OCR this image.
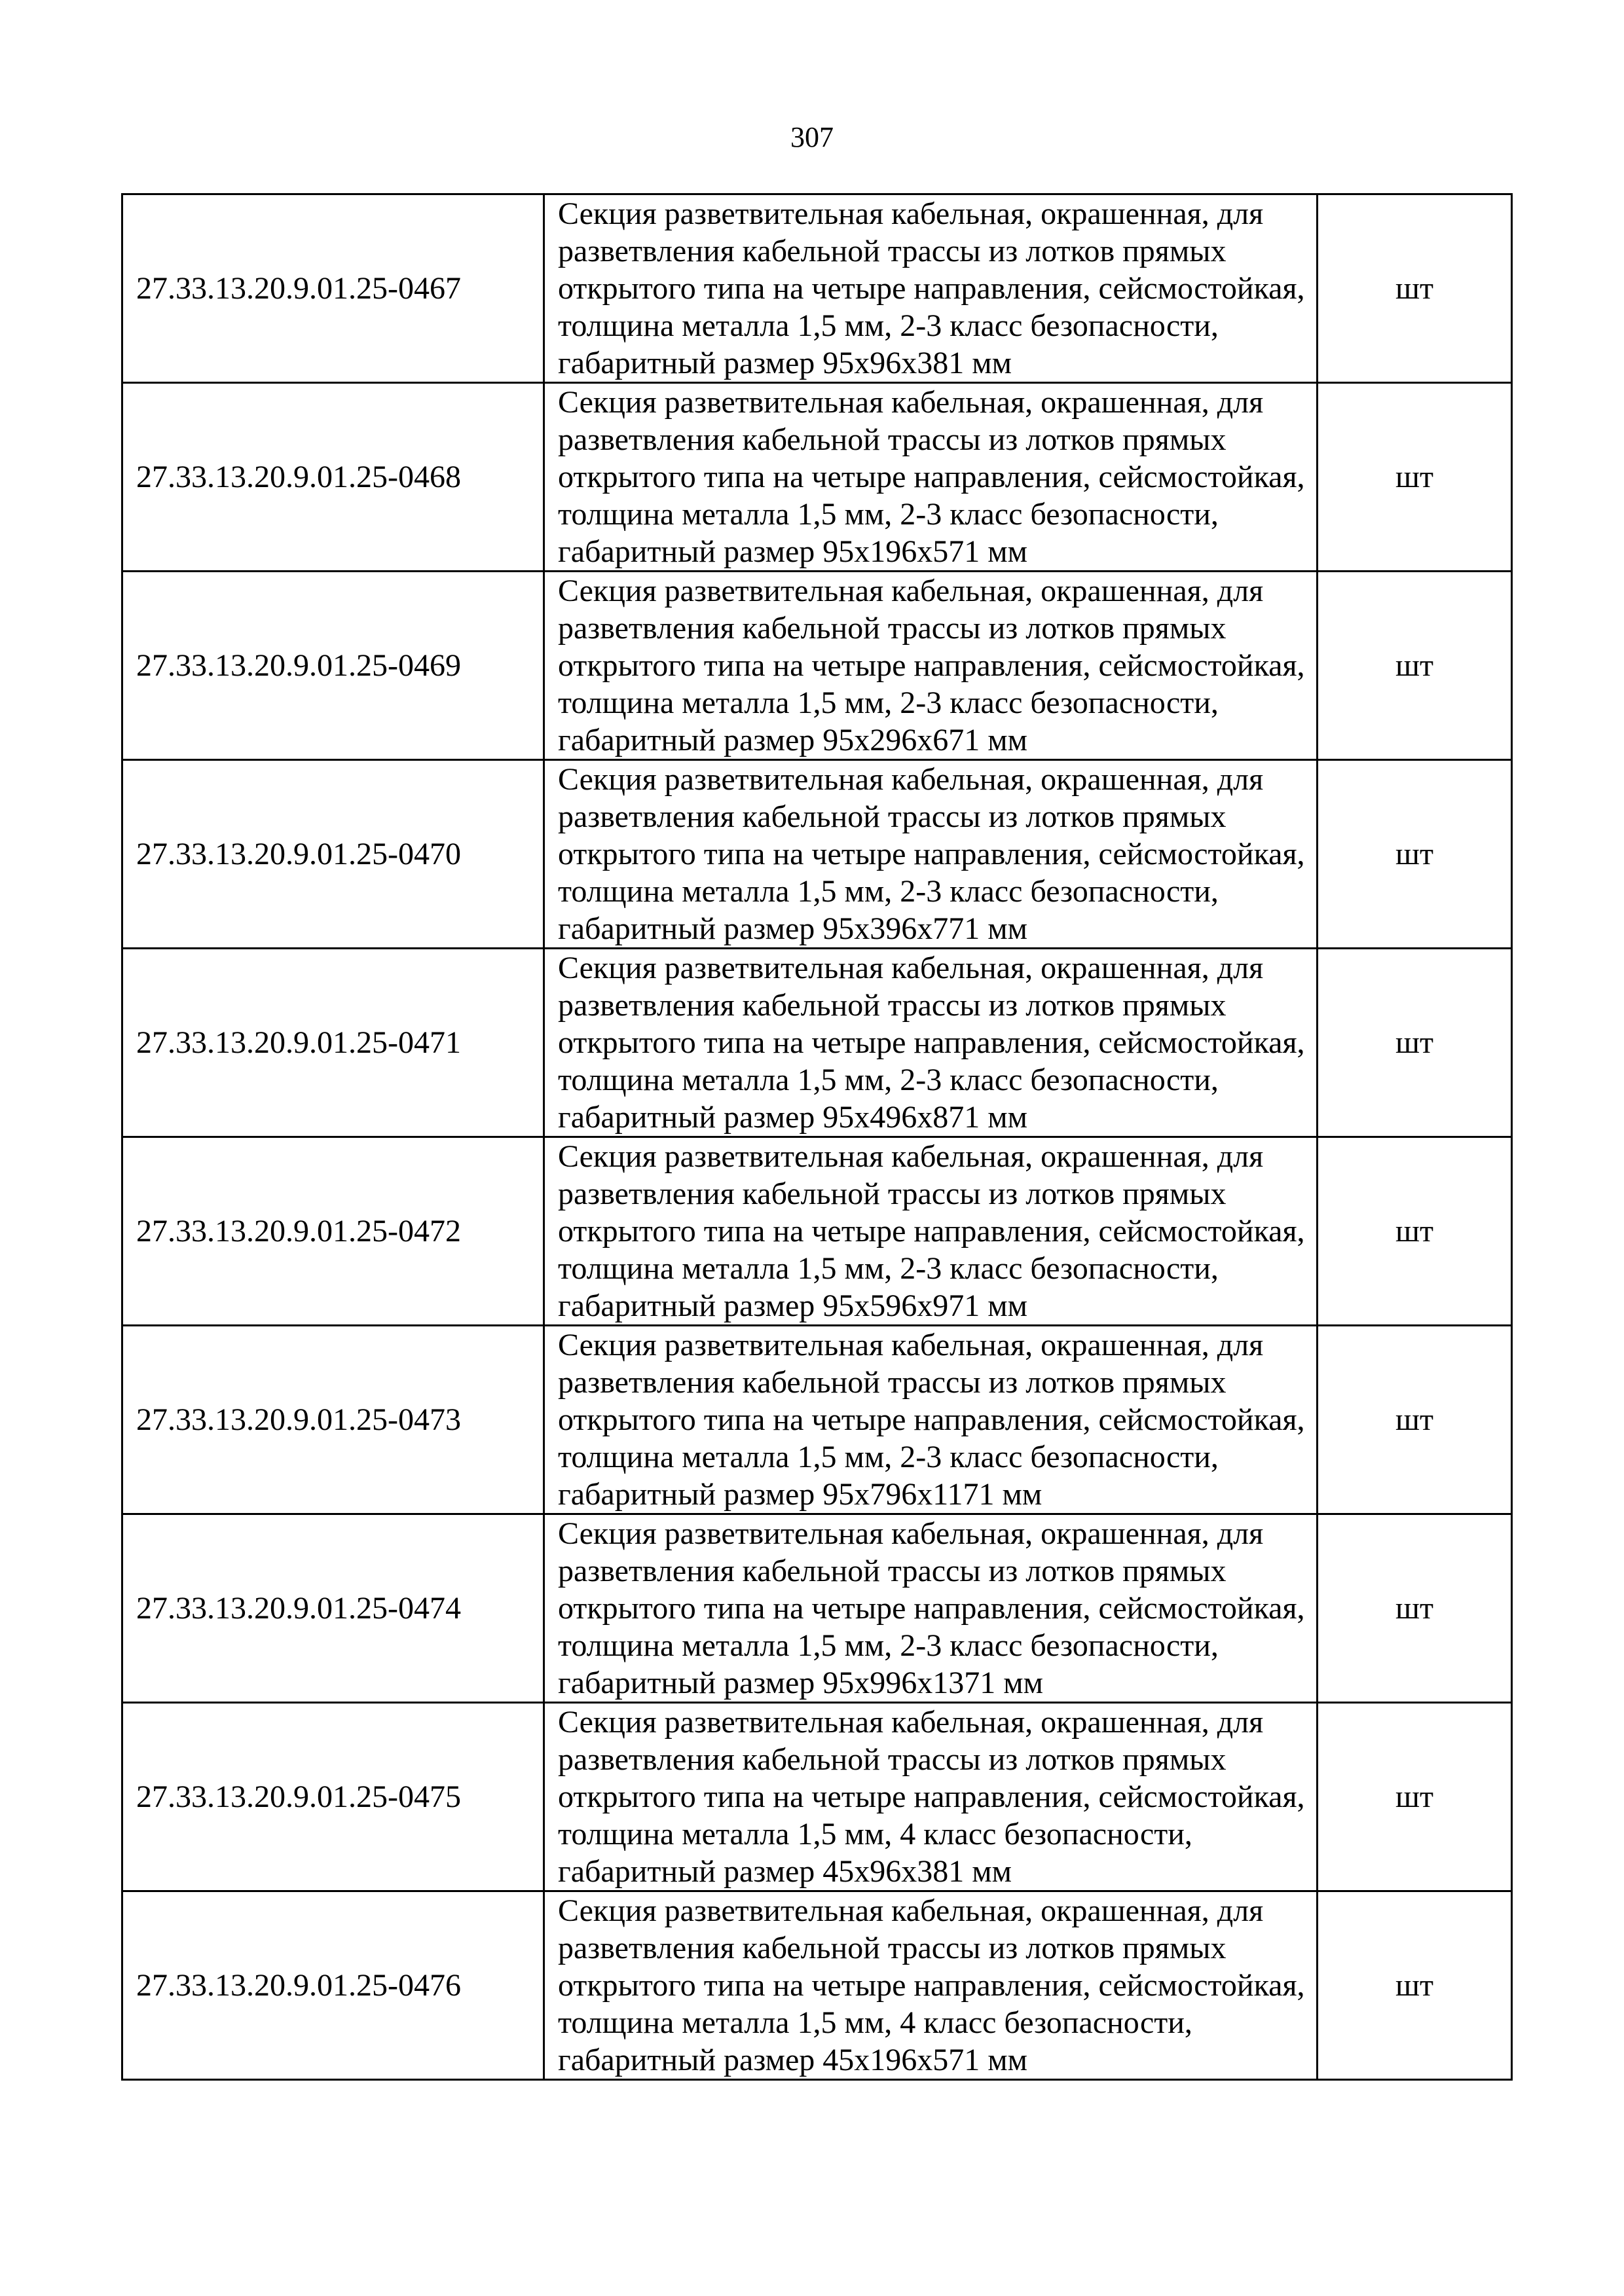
307
27.33.13.20.9.01.25-0467	Секция разветвительная кабельная, окрашенная, для разветвления кабельной трассы из лотков прямых открытого типа на четыре направления, сейсмостойкая, толщина металла 1,5 мм, 2-3 класс безопасности, габаритный размер 95x96x381 мм	шт
27.33.13.20.9.01.25-0468	Секция разветвительная кабельная, окрашенная, для разветвления кабельной трассы из лотков прямых открытого типа на четыре направления, сейсмостойкая, толщина металла 1,5 мм, 2-3 класс безопасности, габаритный размер 95x196x571 мм	шт
27.33.13.20.9.01.25-0469	Секция разветвительная кабельная, окрашенная, для разветвления кабельной трассы из лотков прямых открытого типа на четыре направления, сейсмостойкая, толщина металла 1,5 мм, 2-3 класс безопасности, габаритный размер 95x296x671 мм	шт
27.33.13.20.9.01.25-0470	Секция разветвительная кабельная, окрашенная, для разветвления кабельной трассы из лотков прямых открытого типа на четыре направления, сейсмостойкая, толщина металла 1,5 мм, 2-3 класс безопасности, габаритный размер 95x396x771 мм	шт
27.33.13.20.9.01.25-0471	Секция разветвительная кабельная, окрашенная, для разветвления кабельной трассы из лотков прямых открытого типа на четыре направления, сейсмостойкая, толщина металла 1,5 мм, 2-3 класс безопасности, габаритный размер 95x496x871 мм	шт
27.33.13.20.9.01.25-0472	Секция разветвительная кабельная, окрашенная, для разветвления кабельной трассы из лотков прямых открытого типа на четыре направления, сейсмостойкая, толщина металла 1,5 мм, 2-3 класс безопасности, габаритный размер 95x596x971 мм	шт
27.33.13.20.9.01.25-0473	Секция разветвительная кабельная, окрашенная, для разветвления кабельной трассы из лотков прямых открытого типа на четыре направления, сейсмостойкая, толщина металла 1,5 мм, 2-3 класс безопасности, габаритный размер 95x796x1171 мм	шт
27.33.13.20.9.01.25-0474	Секция разветвительная кабельная, окрашенная, для разветвления кабельной трассы из лотков прямых открытого типа на четыре направления, сейсмостойкая, толщина металла 1,5 мм, 2-3 класс безопасности, габаритный размер 95x996x1371 мм	шт
27.33.13.20.9.01.25-0475	Секция разветвительная кабельная, окрашенная, для разветвления кабельной трассы из лотков прямых открытого типа на четыре направления, сейсмостойкая, толщина металла 1,5 мм, 4 класс безопасности, габаритный размер 45x96x381 мм	шт
27.33.13.20.9.01.25-0476	Секция разветвительная кабельная, окрашенная, для разветвления кабельной трассы из лотков прямых открытого типа на четыре направления, сейсмостойкая, толщина металла 1,5 мм, 4 класс безопасности, габаритный размер 45x196x571 мм	шт
